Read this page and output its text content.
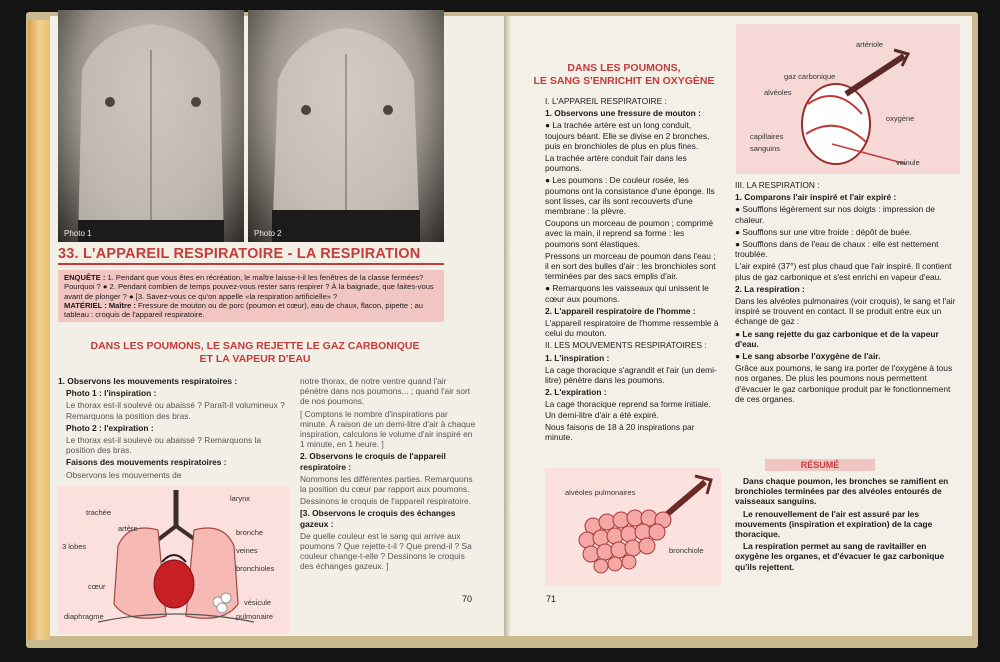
Photo 1	Photo 2
33. L'APPAREIL RESPIRATOIRE - LA RESPIRATION
ENQUÊTE : 1. Pendant que vous êtes en récréation, le maître laisse-t-il les fenêtres de la classe fermées? Pourquoi ? ● 2. Pendant combien de temps pouvez-vous rester sans respirer ? À la baignade, que faites-vous avant de plonger ? ● [3. Savez-vous ce qu'on appelle «la respiration artificielle» ?
MATÉRIEL : Maître : Fressure de mouton ou de porc (poumon et cœur), eau de chaux, flacon, pipette ; au tableau : croquis de l'appareil respiratoire.
DANS LES POUMONS, LE SANG REJETTE LE GAZ CARBONIQUE
ET LA VAPEUR D'EAU

1. Observons les mouvements respiratoires :

Photo 1 : l'inspiration :

Le thorax est-il soulevé ou abaissé ? Paraît-il volumineux ? Remarquons la position des bras.

Photo 2 : l'expiration :

Le thorax est-il soulevé ou abaissé ? Remarquons la position des bras.

Faisons des mouvements respiratoires :

Observons les mouvements de

notre thorax, de notre ventre quand l'air pénètre dans nos poumons... ; quand l'air sort de nos poumons.

[ Comptons le nombre d'inspirations par minute. À raison de un demi-litre d'air à chaque inspiration, calculons le volume d'air inspiré en 1 minute, en 1 heure. ]

2. Observons le croquis de l'appareil respiratoire :

Nommons les différentes parties. Remarquons la position du cœur par rapport aux poumons.

Dessinons le croquis de l'appareil respiratoire.

[3. Observons le croquis des échanges gazeux :

De quelle couleur est le sang qui arrive aux poumons ? Que rejette-t-il ? Que prend-il ? Sa couleur change-t-elle ? Dessinons le croquis des échanges gazeux. ]

larynx
trachée
artère	bronche
3 lobes	veines
bronchioles
cœur
vésicule
pulmonaire
diaphragme
70
DANS LES POUMONS,
LE SANG S'ENRICHIT EN OXYGÈNE

I. L'APPAREIL RESPIRATOIRE :

1. Observons une fressure de mouton :

● La trachée artère est un long conduit, toujours béant. Elle se divise en 2 bronches, puis en bronchioles de plus en plus fines.

La trachée artère conduit l'air dans les poumons.

● Les poumons : De couleur rosée, les poumons ont la consistance d'une éponge. Ils sont lisses, car ils sont recouverts d'une membrane : la plèvre.

Coupons un morceau de poumon ; comprimé avec la main, il reprend sa forme : les poumons sont élastiques.

Pressons un morceau de poumon dans l'eau ; il en sort des bulles d'air : les bronchioles sont terminées par des sacs emplis d'air.

● Remarquons les vaisseaux qui unissent le cœur aux poumons.

2. L'appareil respiratoire de l'homme :

L'appareil respiratoire de l'homme ressemble à celui du mouton.

II. LES MOUVEMENTS RESPIRATOIRES :

1. L'inspiration :

La cage thoracique s'agrandit et l'air (un demi-litre) pénètre dans les poumons.

2. L'expiration :

La cage thoracique reprend sa forme initiale. Un demi-litre d'air a été expiré.

Nous faisons de 18 à 20 inspirations par minute.

alvéoles pulmonaires
bronchiole
artériole
gaz carbonique
alvéoles
oxygène
capillaires
sanguins
veinule

III. LA RESPIRATION :

1. Comparons l'air inspiré et l'air expiré :

● Soufflons légèrement sur nos doigts : impression de chaleur.

● Soufflons sur une vitre froide : dépôt de buée.

● Soufflons dans de l'eau de chaux : elle est nettement troublée.

L'air expiré (37°) est plus chaud que l'air inspiré. Il contient plus de gaz carbonique et s'est enrichi en vapeur d'eau.

2. La respiration :

Dans les alvéoles pulmonaires (voir croquis), le sang et l'air inspiré se trouvent en contact. Il se produit entre eux un échange de gaz :

● Le sang rejette du gaz carbonique et de la vapeur d'eau.

● Le sang absorbe l'oxygène de l'air.

Grâce aux poumons, le sang ira porter de l'oxygène à tous nos organes. De plus les poumons nous permettent d'évacuer le gaz carbonique produit par le fonctionnement de ces organes.

RÉSUMÉ

Dans chaque poumon, les bronches se ramifient en bronchioles terminées par des alvéoles entourés de vaisseaux sanguins.

Le renouvellement de l'air est assuré par les mouvements (inspiration et expiration) de la cage thoracique.

La respiration permet au sang de ravitailler en oxygène les organes, et d'évacuer le gaz carbonique qu'ils rejettent.

71
